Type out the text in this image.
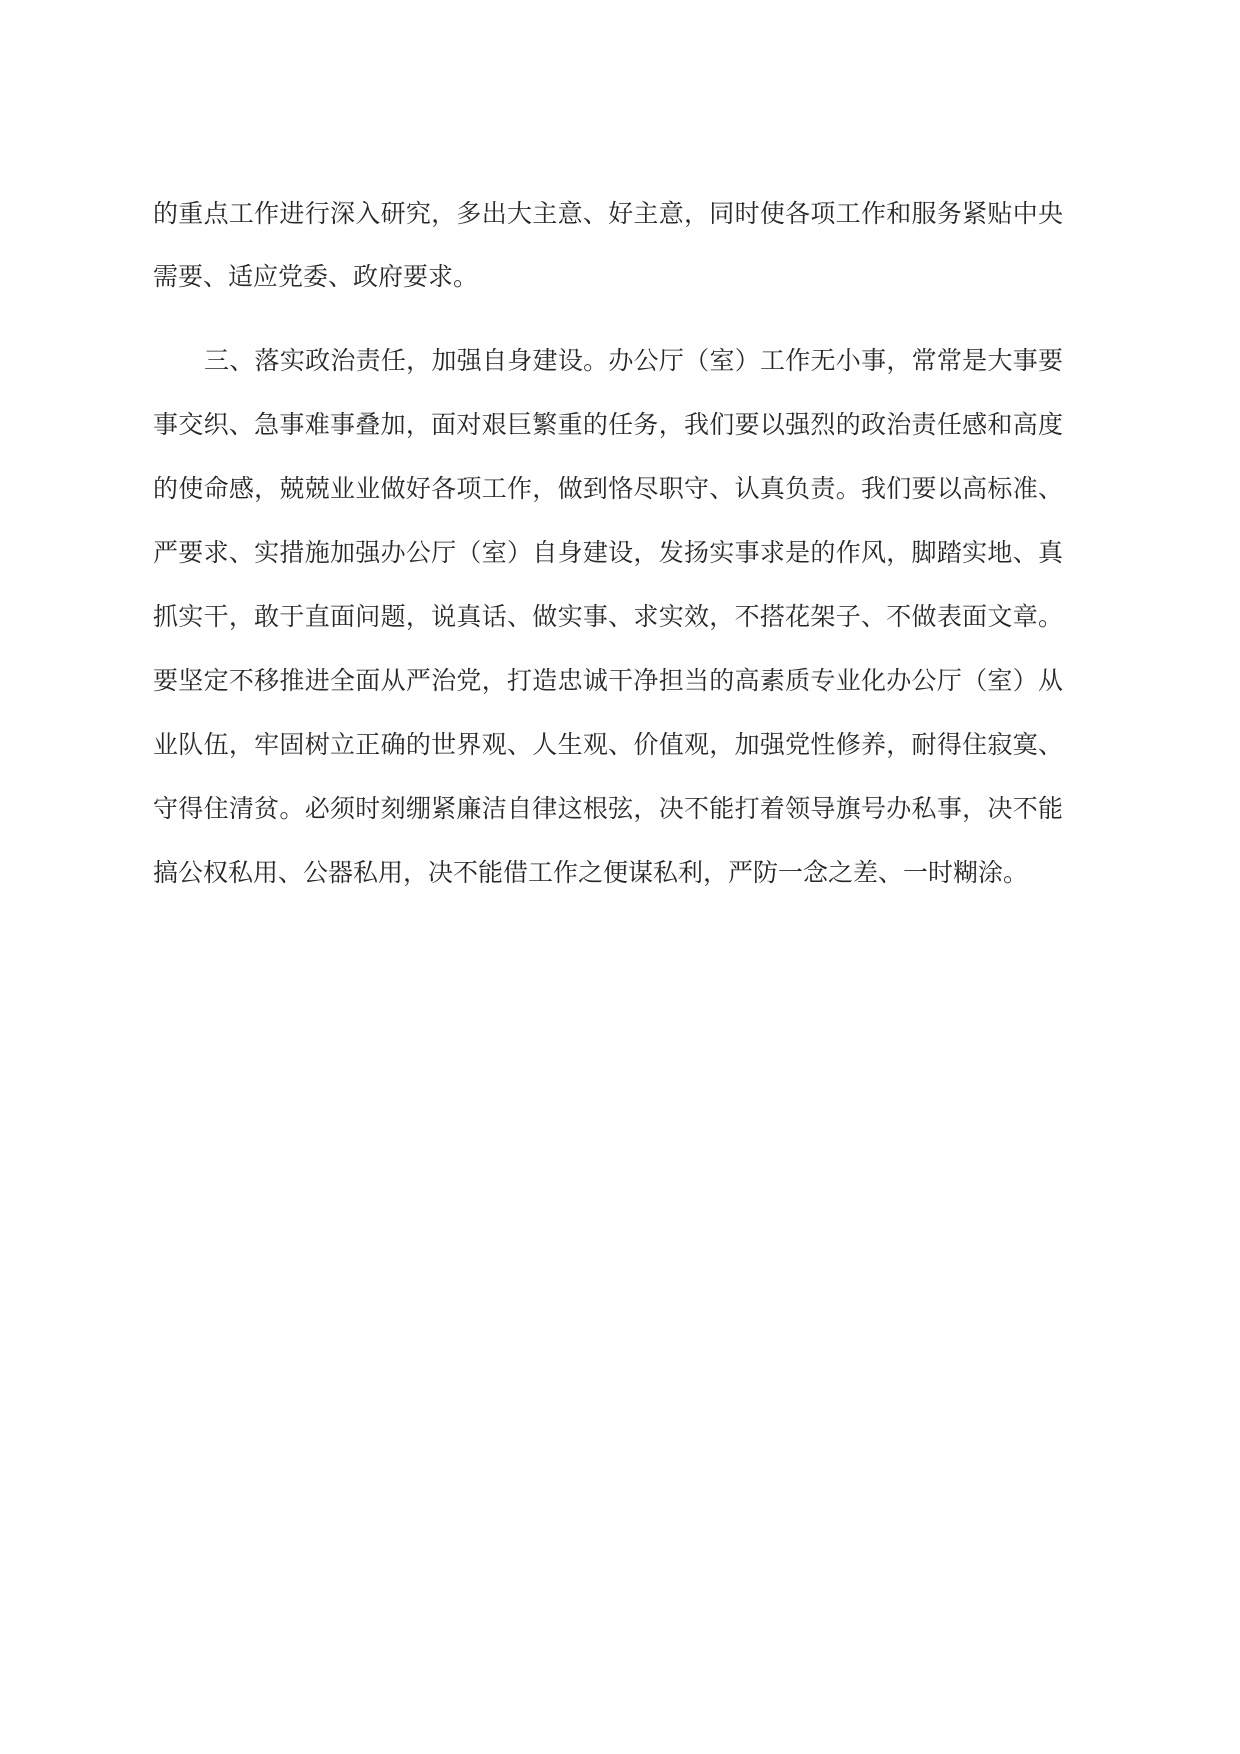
的重点工作进行深入研究，多出大主意、好主意，同时使各项工作和服务紧贴中央
需要、适应党委、政府要求。
三、落实政治责任，加强自身建设。办公厅（室）工作无小事，常常是大事要
事交织、急事难事叠加，面对艰巨繁重的任务，我们要以强烈的政治责任感和高度
的使命感，兢兢业业做好各项工作，做到恪尽职守、认真负责。我们要以高标准、
严要求、实措施加强办公厅（室）自身建设，发扬实事求是的作风，脚踏实地、真
抓实干，敢于直面问题，说真话、做实事、求实效，不搭花架子、不做表面文章。
要坚定不移推进全面从严治党，打造忠诚干净担当的高素质专业化办公厅（室）从
业队伍，牢固树立正确的世界观、人生观、价值观，加强党性修养，耐得住寂寞、
守得住清贫。必须时刻绷紧廉洁自律这根弦，决不能打着领导旗号办私事，决不能
搞公权私用、公器私用，决不能借工作之便谋私利，严防一念之差、一时糊涂。
